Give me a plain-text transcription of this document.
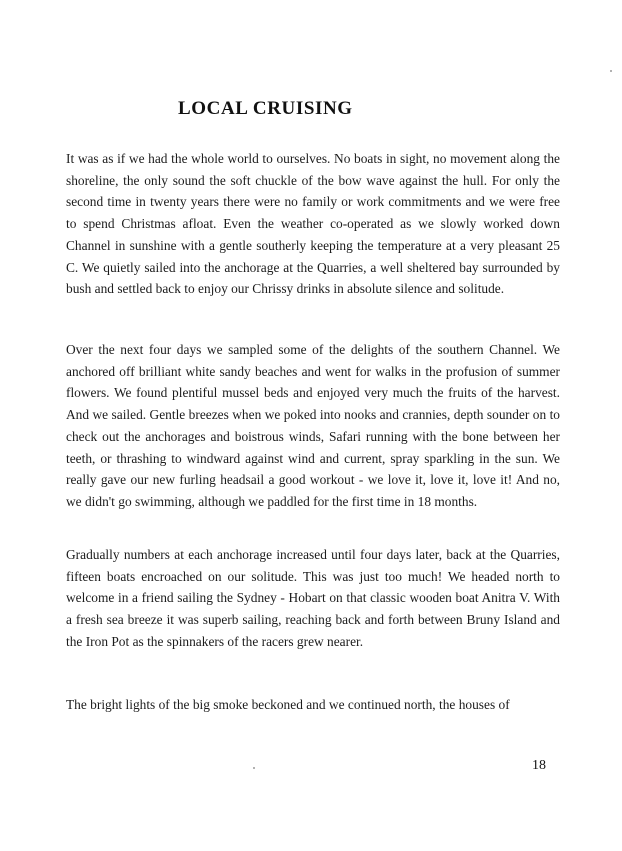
LOCAL CRUISING

It was as if we had the whole world to ourselves. No boats in sight, no movement along the shoreline, the only sound the soft chuckle of the bow wave against the hull. For only the second time in twenty years there were no family or work commitments and we were free to spend Christmas afloat. Even the weather co-operated as we slowly worked down Channel in sunshine with a gentle southerly keeping the temperature at a very pleasant 25 C. We quietly sailed into the anchorage at the Quarries, a well sheltered bay surrounded by bush and settled back to enjoy our Chrissy drinks in absolute silence and solitude.

Over the next four days we sampled some of the delights of the southern Channel. We anchored off brilliant white sandy beaches and went for walks in the profusion of summer flowers. We found plentiful mussel beds and enjoyed very much the fruits of the harvest. And we sailed. Gentle breezes when we poked into nooks and crannies, depth sounder on to check out the anchorages and boistrous winds, Safari running with the bone between her teeth, or thrashing to windward against wind and current, spray sparkling in the sun. We really gave our new furling headsail a good workout - we love it, love it, love it! And no, we didn't go swimming, although we paddled for the first time in 18 months.

Gradually numbers at each anchorage increased until four days later, back at the Quarries, fifteen boats encroached on our solitude. This was just too much! We headed north to welcome in a friend sailing the Sydney - Hobart on that classic wooden boat Anitra V. With a fresh sea breeze it was superb sailing, reaching back and forth between Bruny Island and the Iron Pot as the spinnakers of the racers grew nearer.

The bright lights of the big smoke beckoned and we continued north, the houses of

18
